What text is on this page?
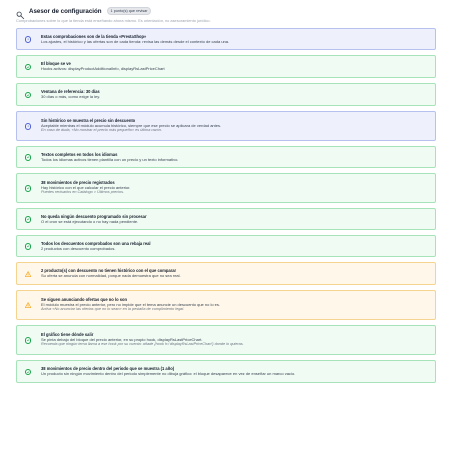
Asesor de configuración	1 punto(s) que revisar
Comprobaciones sobre lo que la tienda está enseñando ahora mismo. Es orientación, no asesoramiento jurídico.
Estas comprobaciones son de la tienda «PrestaShop»
Los ajustes, el histórico y las ofertas son de cada tienda: revisa las demás desde el contexto de cada una.
El bloque se ve
Hooks activos: displayProductAdditionalInfo, displayRsLastPriceChart
Ventana de referencia: 30 días
30 días o más, como exige la ley.
Sin histórico se muestra el precio sin descuento
Aceptable mientras el módulo acumula histórico, siempre que ese precio se aplicara de verdad antes.
En caso de duda, «No mostrar el precio más pequeño» es última razón.
Textos completos en todos los idiomas
Todos los idiomas activos tienen plantilla con un precio y un texto informativo.
38 movimientos de precio registrados
Hay histórico con el que calcular el precio anterior.
Puedes revisarlos en Catálogo > Últimos precios.
No queda ningún descuento programado sin procesar
O el cron se está ejecutando o no hay nada pendiente.
Todos los descuentos comprobados son una rebaja real
2 productos con descuento comprobados.
2 producto(s) con descuento no tienen histórico con el que comparar
Su oferta se anuncia con normalidad, porque nada demuestra que no sea real.
Se siguen anunciando ofertas que no lo son
El módulo muestra el precio anterior, pero no impide que el tema anuncie un descuento que no lo es.
Activa «No anunciar las ofertas que no lo sean» en la pestaña de cumplimiento legal.
El gráfico tiene dónde salir
Se pinta debajo del bloque del precio anterior, en su propio hook, displayRsLastPriceChart.
Recuerda que ningún tema llama a ese hook por su cuenta: añade {hook h='displayRsLastPriceChart'} donde lo quieras.
38 movimientos de precio dentro del periodo que se muestra (1 año)
Un producto sin ningún movimiento dentro del periodo simplemente no dibuja gráfico: el bloque desaparece en vez de enseñar un marco vacío.
